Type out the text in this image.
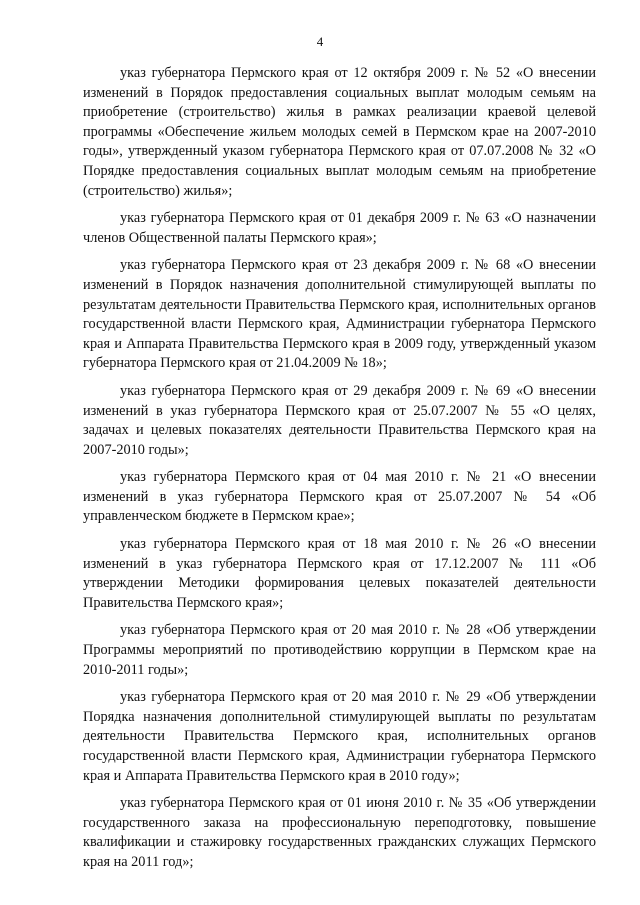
4

указ губернатора Пермского края от 12 октября 2009 г. № 52 «О внесении изменений в Порядок предоставления социальных выплат молодым семьям на приобретение (строительство) жилья в рамках реализации краевой целевой программы «Обеспечение жильем молодых семей в Пермском крае на 2007-2010 годы», утвержденный указом губернатора Пермского края от 07.07.2008 № 32 «О Порядке предоставления социальных выплат молодым семьям на приобретение (строительство) жилья»;

указ губернатора Пермского края от 01 декабря 2009 г. № 63 «О назначении членов Общественной палаты Пермского края»;

указ губернатора Пермского края от 23 декабря 2009 г. № 68 «О внесении изменений в Порядок назначения дополнительной стимулирующей выплаты по результатам деятельности Правительства Пермского края, исполнительных органов государственной власти Пермского края, Администрации губернатора Пермского края и Аппарата Правительства Пермского края в 2009 году, утвержденный указом губернатора Пермского края от 21.04.2009 № 18»;

указ губернатора Пермского края от 29 декабря 2009 г. № 69 «О внесении изменений в указ губернатора Пермского края от 25.07.2007 № 55 «О целях, задачах и целевых показателях деятельности Правительства Пермского края на 2007-2010 годы»;

указ губернатора Пермского края от 04 мая 2010 г. № 21 «О внесении изменений в указ губернатора Пермского края от 25.07.2007 № 54 «Об управленческом бюджете в Пермском крае»;

указ губернатора Пермского края от 18 мая 2010 г. № 26 «О внесении изменений в указ губернатора Пермского края от 17.12.2007 № 111 «Об утверждении Методики формирования целевых показателей деятельности Правительства Пермского края»;

указ губернатора Пермского края от 20 мая 2010 г. № 28 «Об утверждении Программы мероприятий по противодействию коррупции в Пермском крае на 2010-2011 годы»;

указ губернатора Пермского края от 20 мая 2010 г. № 29 «Об утверждении Порядка назначения дополнительной стимулирующей выплаты по результатам деятельности Правительства Пермского края, исполнительных органов государственной власти Пермского края, Администрации губернатора Пермского края и Аппарата Правительства Пермского края в 2010 году»;

указ губернатора Пермского края от 01 июня 2010 г. № 35 «Об утверждении государственного заказа на профессиональную переподготовку, повышение квалификации и стажировку государственных гражданских служащих Пермского края на 2011 год»;
